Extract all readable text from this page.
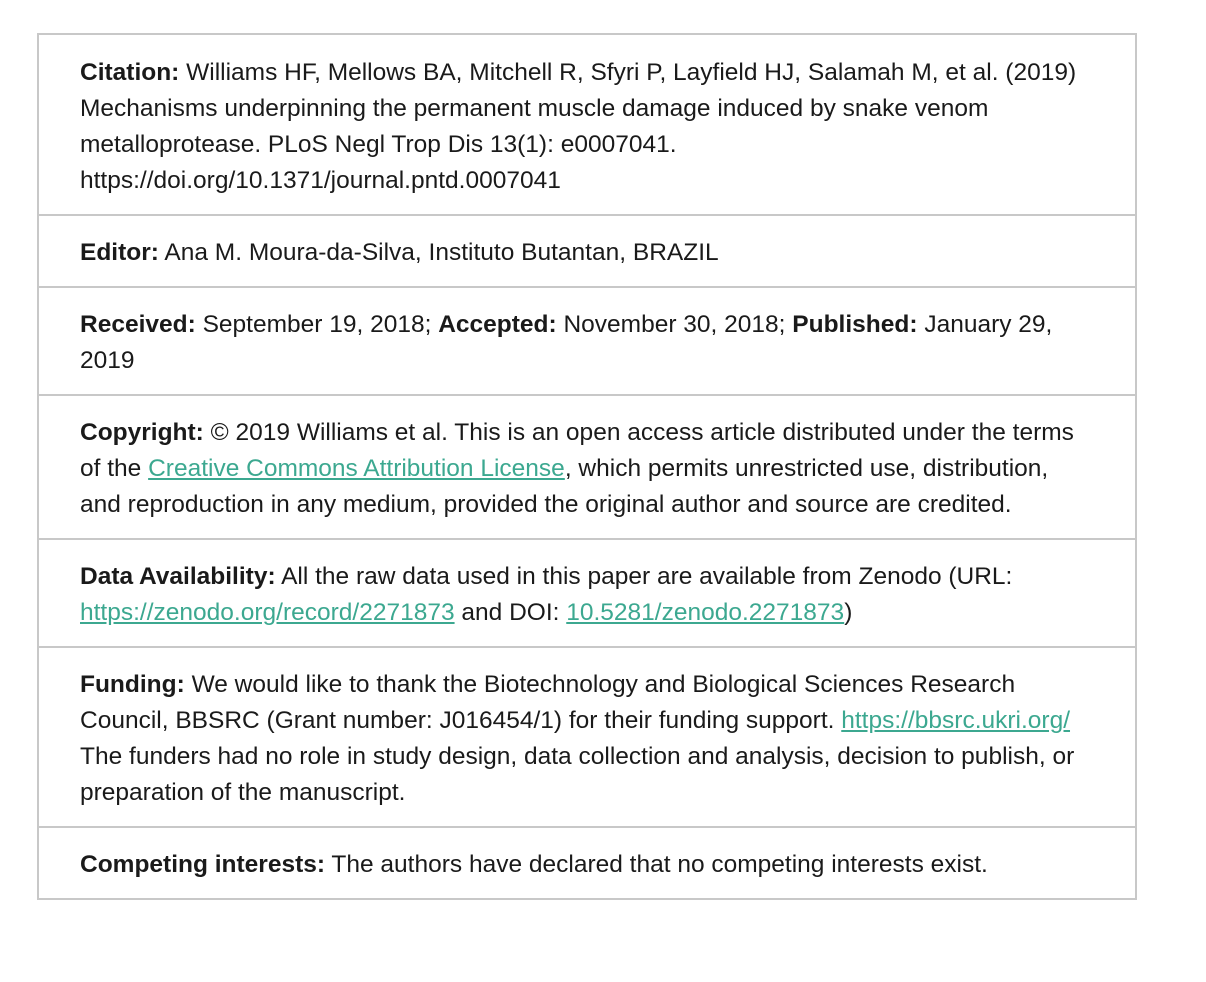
Citation: Williams HF, Mellows BA, Mitchell R, Sfyri P, Layfield HJ, Salamah M, et al. (2019) Mechanisms underpinning the permanent muscle damage induced by snake venom metalloprotease. PLoS Negl Trop Dis 13(1): e0007041. https://doi.org/10.1371/journal.pntd.0007041
Editor: Ana M. Moura-da-Silva, Instituto Butantan, BRAZIL
Received: September 19, 2018; Accepted: November 30, 2018; Published: January 29, 2019
Copyright: © 2019 Williams et al. This is an open access article distributed under the terms of the Creative Commons Attribution License, which permits unrestricted use, distribution, and reproduction in any medium, provided the original author and source are credited.
Data Availability: All the raw data used in this paper are available from Zenodo (URL: https://zenodo.org/record/2271873 and DOI: 10.5281/zenodo.2271873)
Funding: We would like to thank the Biotechnology and Biological Sciences Research Council, BBSRC (Grant number: J016454/1) for their funding support. https://bbsrc.ukri.org/ The funders had no role in study design, data collection and analysis, decision to publish, or preparation of the manuscript.
Competing interests: The authors have declared that no competing interests exist.
